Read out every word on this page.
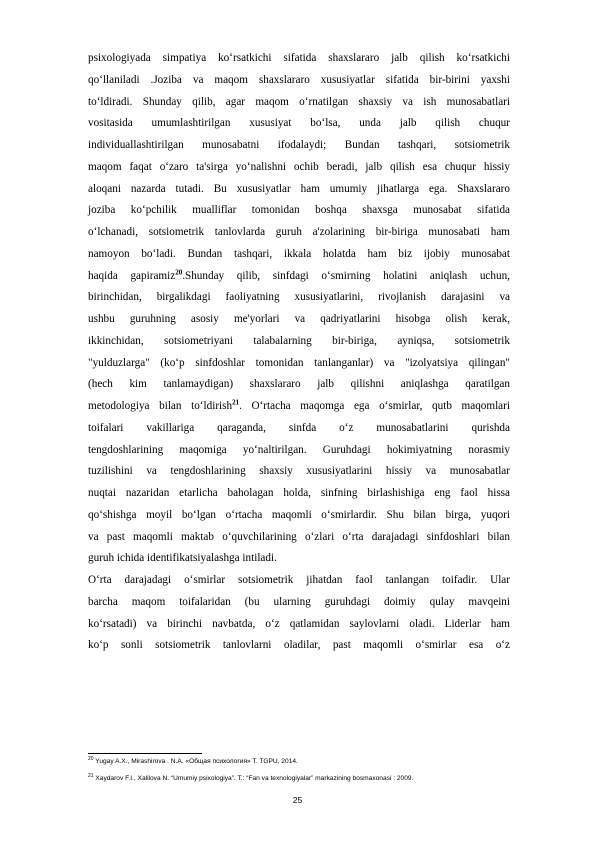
psixologiyada simpatiya ko‘rsatkichi sifatida shaxslararo jalb qilish ko‘rsatkichi
qo‘llaniladi .Joziba va maqom shaxslararo xususiyatlar sifatida bir-birini yaxshi
to‘ldiradi. Shunday qilib, agar maqom o‘rnatilgan shaxsiy va ish munosabatlari
vositasida umumlashtirilgan xususiyat bo‘lsa, unda jalb qilish chuqur
individuallashtirilgan munosabatni ifodalaydi; Bundan tashqari, sotsiometrik
maqom faqat o‘zaro ta'sirga yo‘nalishni ochib beradi, jalb qilish esa chuqur hissiy
aloqani nazarda tutadi. Bu xususiyatlar ham umumiy jihatlarga ega. Shaxslararo
joziba ko‘pchilik mualliflar tomonidan boshqa shaxsga munosabat sifatida
o‘lchanadi, sotsiometrik tanlovlarda guruh a'zolarining bir-biriga munosabati ham
namoyon bo‘ladi. Bundan tashqari, ikkala holatda ham biz ijobiy munosabat
haqida gapiramiz$^{20}$.Shunday qilib, sinfdagi o‘smirning holatini aniqlash uchun,
birinchidan, birgalikdagi faoliyatning xususiyatlarini, rivojlanish darajasini va
ushbu guruhning asosiy me'yorlari va qadriyatlarini hisobga olish kerak,
ikkinchidan, sotsiometriyani talabalarning bir-biriga, ayniqsa, sotsiometrik
"yulduzlarga" (ko‘p sinfdoshlar tomonidan tanlanganlar) va "izolyatsiya qilingan"
(hech kim tanlamaydigan) shaxslararo jalb qilishni aniqlashga qaratilgan
metodologiya bilan to‘ldirish$^{21}$. O‘rtacha maqomga ega o‘smirlar, qutb maqomlari
toifalari vakillariga qaraganda, sinfda o‘z munosabatlarini qurishda
tengdoshlarining maqomiga yo‘naltirilgan. Guruhdagi hokimiyatning norasmiy
tuzilishini va tengdoshlarining shaxsiy xususiyatlarini hissiy va munosabatlar
nuqtai nazaridan etarlicha baholagan holda, sinfning birlashishiga eng faol hissa
qo‘shishga moyil bo‘lgan o‘rtacha maqomli o‘smirlardir. Shu bilan birga, yuqori
va past maqomli maktab o‘quvchilarining o‘zlari o‘rta darajadagi sinfdoshlari bilan
guruh ichida identifikatsiyalashga intiladi.
O‘rta darajadagi o‘smirlar sotsiometrik jihatdan faol tanlangan toifadir. Ular
barcha maqom toifalaridan (bu ularning guruhdagi doimiy qulay mavqeini
ko‘rsatadi) va birinchi navbatda, o‘z qatlamidan saylovlarni oladi. Liderlar ham
ko‘p sonli sotsiometrik tanlovlarni oladilar, past maqomli o‘smirlar esa o‘z
$^{20}$ Yugay A.X., Mirashirova . N.A. «Общая психология» T. TGPU, 2014.
$^{21}$ Xaydarov F.I., Xalilova N. “Umumiy psixologiya”. T.: “Fan va texnologiyalar” markazining bosmaxonasi : 2009.
25
